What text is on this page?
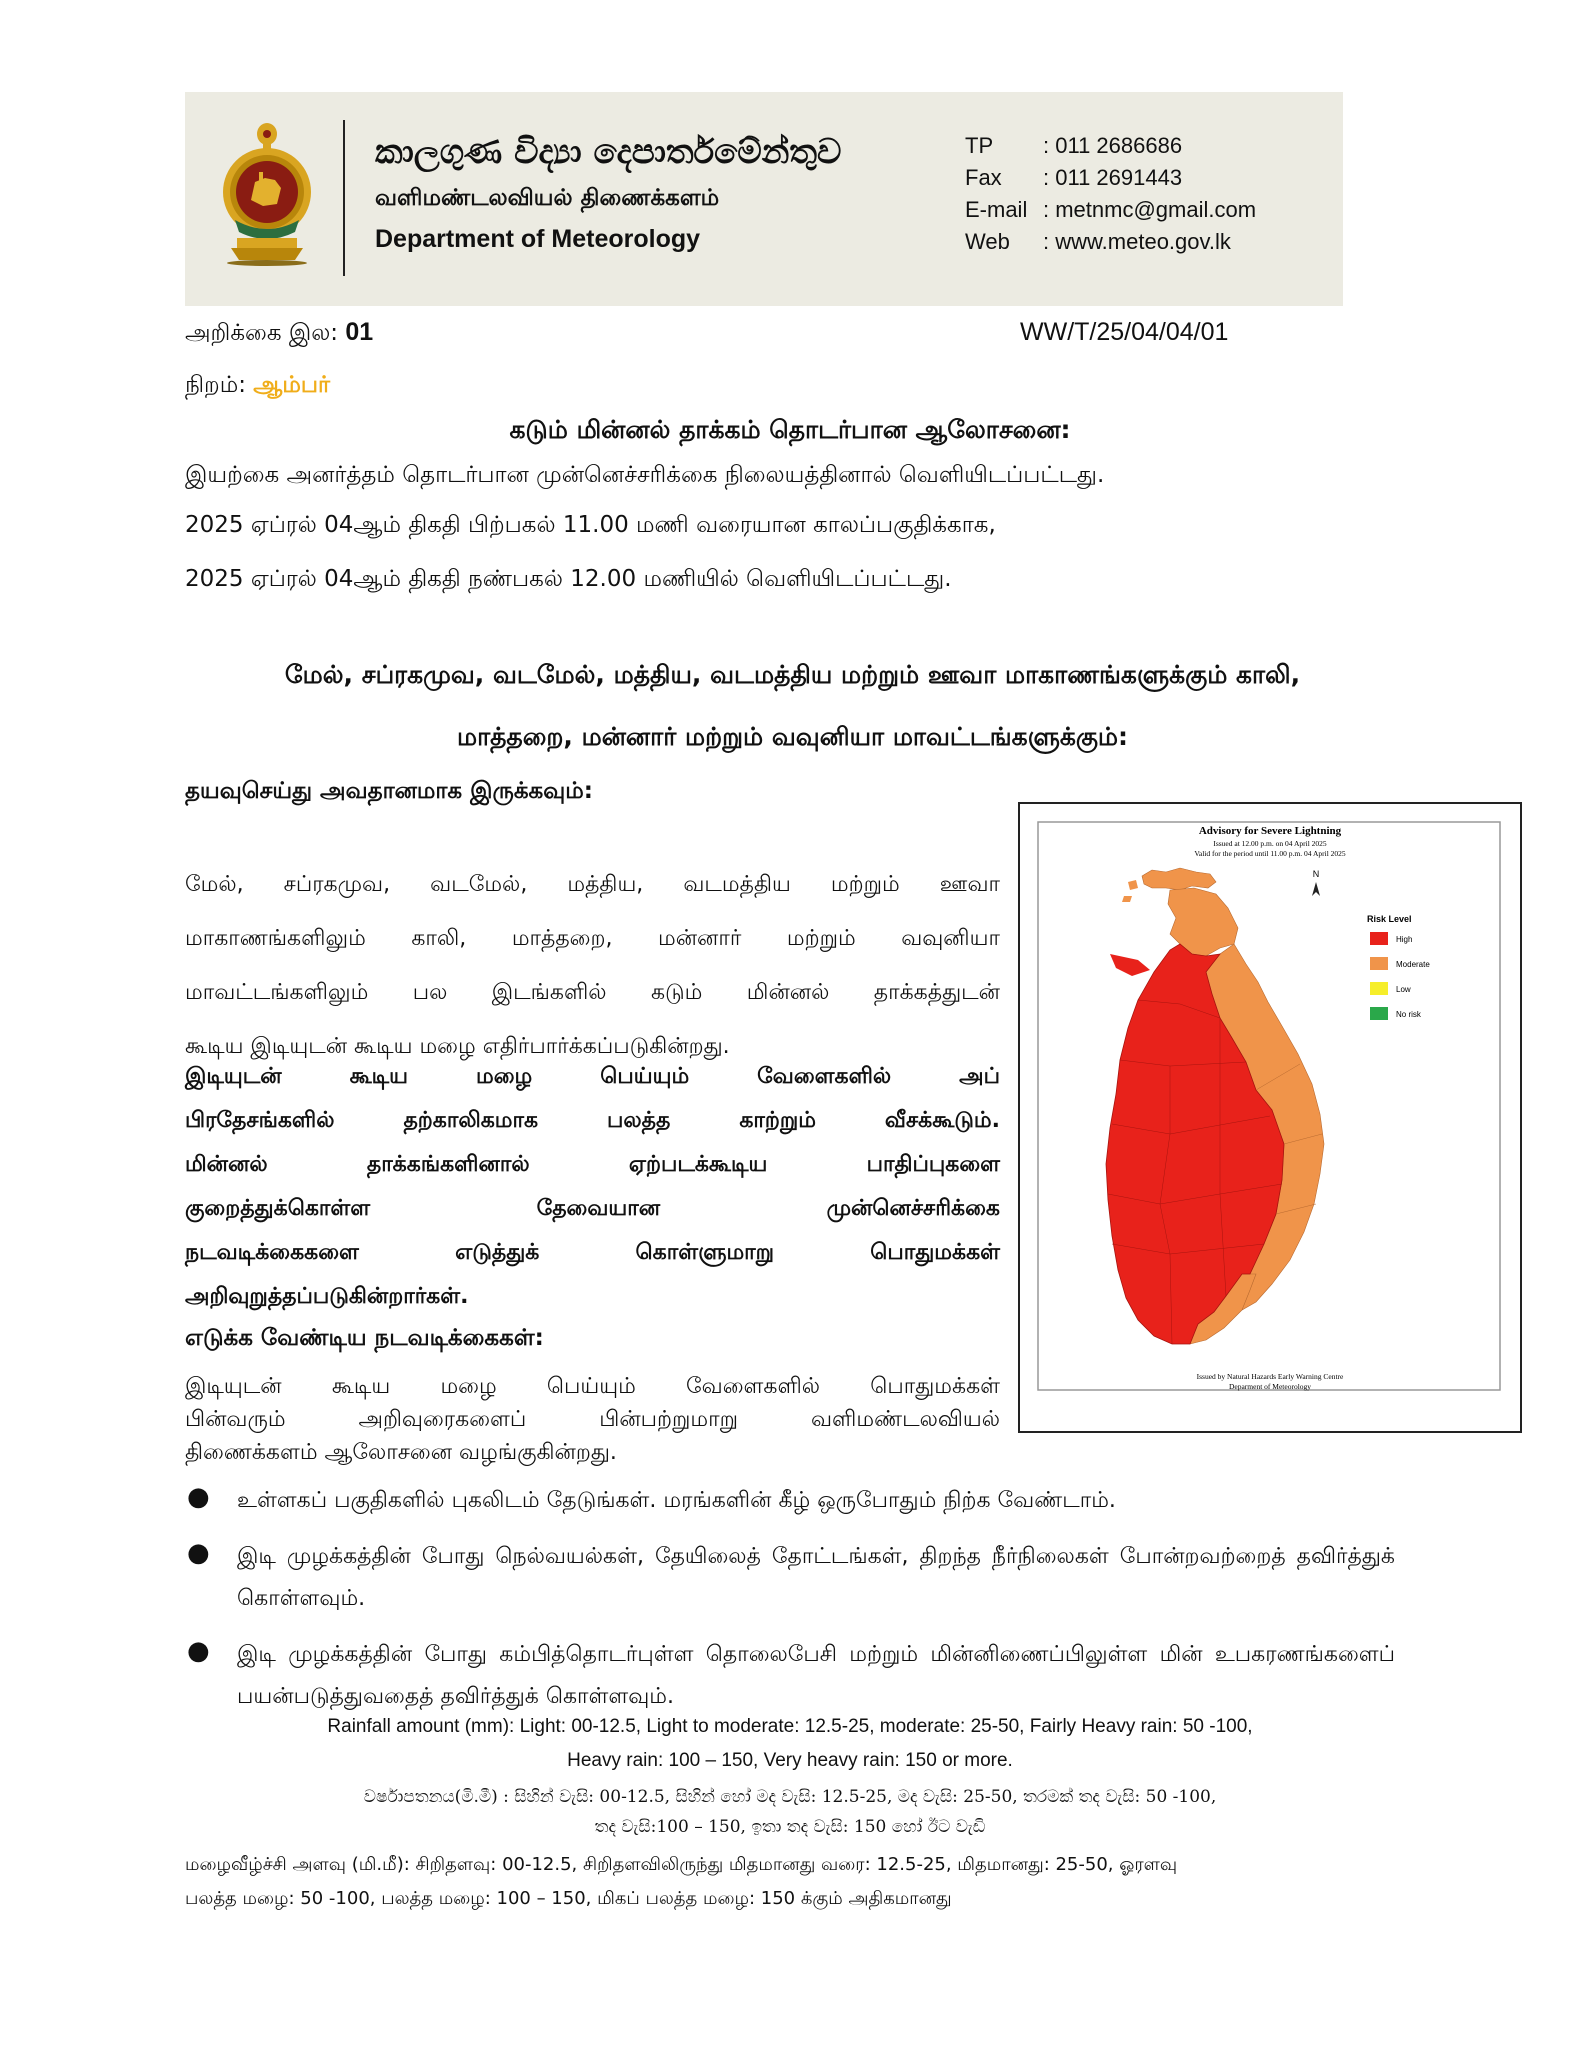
කාලගුණ විද්‍යා දෙපාර්තමේන්තුව
வளிமண்டலவியல் திணைக்களம்
Department of Meteorology
TP	: 011 2686686
Fax	: 011 2691443
E-mail : metnmc@gmail.com
Web	: www.meteo.gov.lk
அறிக்கை இல: 01	WW/T/25/04/04/01
நிறம்: ஆம்பர்
கடும் மின்னல் தாக்கம் தொடர்பான ஆலோசனை:
இயற்கை அனர்த்தம் தொடர்பான முன்னெச்சரிக்கை நிலையத்தினால் வெளியிடப்பட்டது.
2025 ஏப்ரல் 04ஆம் திகதி பிற்பகல் 11.00 மணி வரையான காலப்பகுதிக்காக,
2025 ஏப்ரல் 04ஆம் திகதி நண்பகல் 12.00 மணியில் வெளியிடப்பட்டது.
மேல், சப்ரகமுவ, வடமேல், மத்திய, வடமத்திய மற்றும் ஊவா மாகாணங்களுக்கும் காலி,
மாத்தறை, மன்னார் மற்றும் வவுனியா மாவட்டங்களுக்கும்:
தயவுசெய்து அவதானமாக இருக்கவும்:
மேல், சப்ரகமுவ, வடமேல், மத்திய, வடமத்திய மற்றும் ஊவா
மாகாணங்களிலும் காலி, மாத்தறை, மன்னார் மற்றும் வவுனியா
மாவட்டங்களிலும் பல இடங்களில் கடும் மின்னல் தாக்கத்துடன்
கூடிய இடியுடன் கூடிய மழை எதிர்பார்க்கப்படுகின்றது.
இடியுடன் கூடிய மழை பெய்யும் வேளைகளில் அப்
பிரதேசங்களில் தற்காலிகமாக பலத்த காற்றும் வீசக்கூடும்.
மின்னல் தாக்கங்களினால் ஏற்படக்கூடிய பாதிப்புகளை
குறைத்துக்கொள்ள தேவையான முன்னெச்சரிக்கை
நடவடிக்கைகளை எடுத்துக் கொள்ளுமாறு பொதுமக்கள்
அறிவுறுத்தப்படுகின்றார்கள்.
எடுக்க வேண்டிய நடவடிக்கைகள்:
இடியுடன் கூடிய மழை பெய்யும் வேளைகளில் பொதுமக்கள்
பின்வரும் அறிவுரைகளைப் பின்பற்றுமாறு வளிமண்டலவியல்
திணைக்களம் ஆலோசனை வழங்குகின்றது.
●	உள்ளகப் பகுதிகளில் புகலிடம் தேடுங்கள். மரங்களின் கீழ் ஒருபோதும் நிற்க வேண்டாம்.
●	இடி முழக்கத்தின் போது நெல்வயல்கள், தேயிலைத் தோட்டங்கள், திறந்த நீர்நிலைகள் போன்றவற்றைத் தவிர்த்துக் கொள்ளவும்.
●	இடி முழக்கத்தின் போது கம்பித்தொடர்புள்ள தொலைபேசி மற்றும் மின்னிணைப்பிலுள்ள மின் உபகரணங்களைப் பயன்படுத்துவதைத் தவிர்த்துக் கொள்ளவும்.
Rainfall amount (mm): Light: 00-12.5, Light to moderate: 12.5-25, moderate: 25-50, Fairly Heavy rain: 50 -100,
Heavy rain: 100 – 150, Very heavy rain: 150 or more.
වර්ෂාපතනය(මි.මී) : සිහින් වැසි: 00-12.5, සිහින් හෝ මද වැසි: 12.5-25, මද වැසි: 25-50, තරමක් තද වැසි: 50 -100,
තද වැසි:100 – 150, ඉතා තද වැසි: 150 හෝ ඊට වැඩි
மழைவீழ்ச்சி அளவு (மி.மீ): சிறிதளவு: 00-12.5, சிறிதளவிலிருந்து மிதமானது வரை: 12.5-25, மிதமானது: 25-50, ஓரளவு
பலத்த மழை: 50 -100, பலத்த மழை: 100 – 150, மிகப் பலத்த மழை: 150 க்கும் அதிகமானது
Advisory for Severe Lightning
Issued at 12.00 p.m. on 04 April 2025
Valid for the period until 11.00 p.m. 04 April 2025
N
Risk Level
High
Moderate
Low
No risk
Issued by Natural Hazards Early Warning Centre
Deparment of Meteorology
